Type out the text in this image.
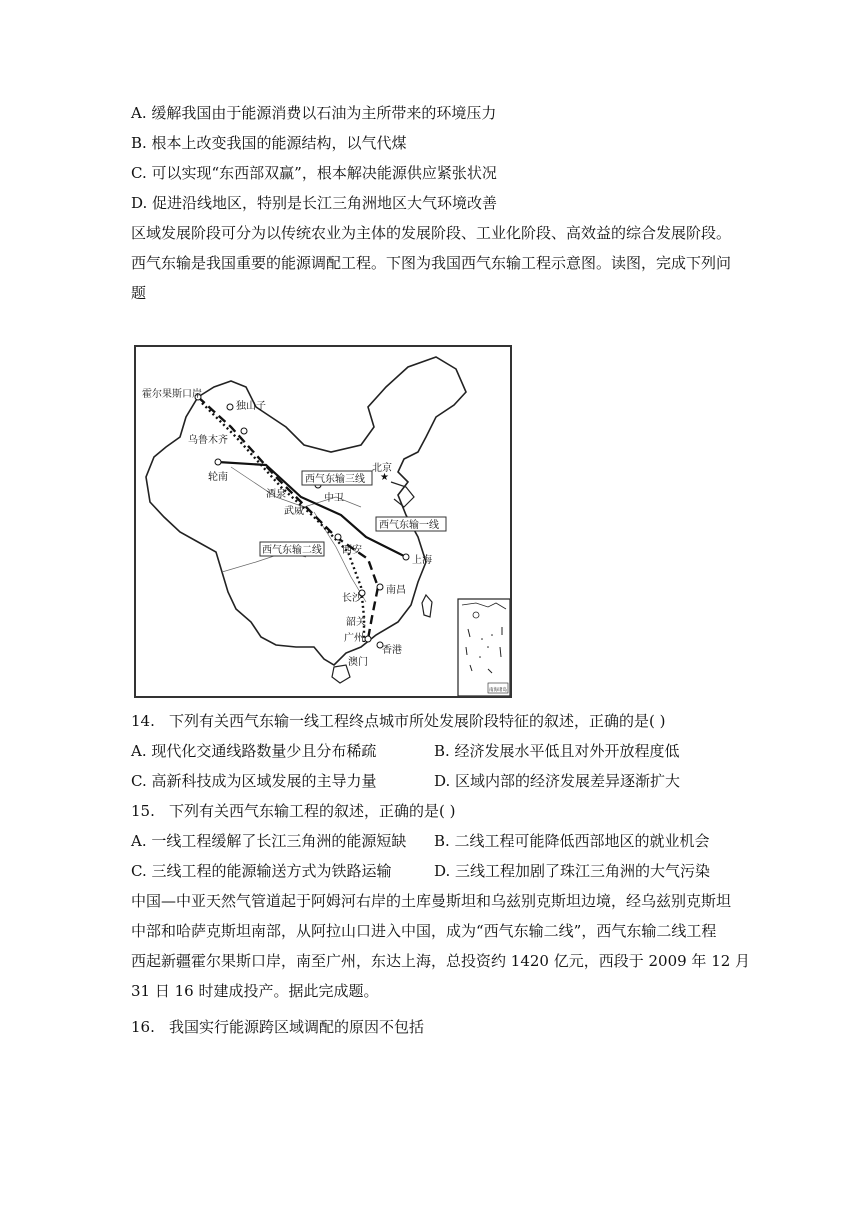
A. 缓解我国由于能源消费以石油为主所带来的环境压力
B. 根本上改变我国的能源结构，以气代煤
C. 可以实现“东西部双赢”，根本解决能源供应紧张状况
D. 促进沿线地区，特别是长江三角洲地区大气环境改善
区域发展阶段可分为以传统农业为主体的发展阶段、工业化阶段、高效益的综合发展阶段。
西气东输是我国重要的能源调配工程。下图为我国西气东输工程示意图。读图，完成下列问
题
★
霍尔果斯口岸
独山子
乌鲁木齐
轮南
酒泉	中卫
武威
北京
西安
上海
南昌
长沙
韶关
广州
香港
澳门
西气东输三线
西气东输一线
西气东输二线
南海诸岛
14. 下列有关西气东输一线工程终点城市所处发展阶段特征的叙述，正确的是( )
A. 现代化交通线路数量少且分布稀疏	B. 经济发展水平低且对外开放程度低
C. 高新科技成为区域发展的主导力量	D. 区域内部的经济发展差异逐渐扩大
15. 下列有关西气东输工程的叙述，正确的是( )
A. 一线工程缓解了长江三角洲的能源短缺 B. 二线工程可能降低西部地区的就业机会
C. 三线工程的能源输送方式为铁路运输	D. 三线工程加剧了珠江三角洲的大气污染
中国—中亚天然气管道起于阿姆河右岸的土库曼斯坦和乌兹别克斯坦边境，经乌兹别克斯坦
中部和哈萨克斯坦南部，从阿拉山口进入中国，成为“西气东输二线”，西气东输二线工程
西起新疆霍尔果斯口岸，南至广州，东达上海，总投资约 1420 亿元，西段于 2009 年 12 月
31 日 16 时建成投产。据此完成题。
16. 我国实行能源跨区域调配的原因不包括
